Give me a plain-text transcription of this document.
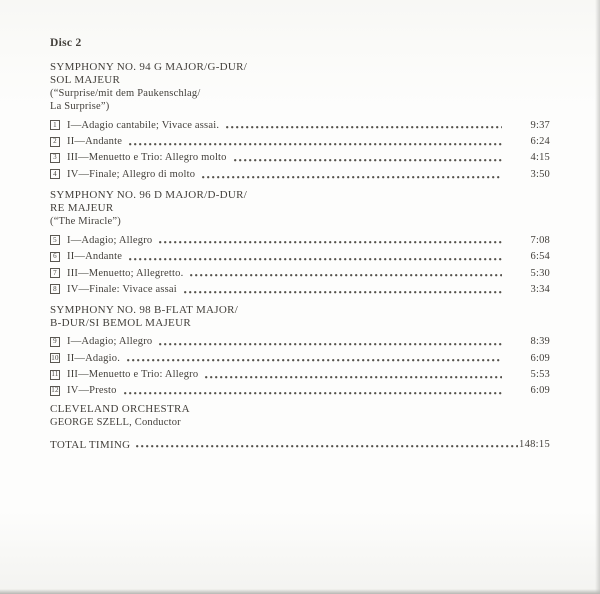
Disc 2
SYMPHONY NO. 94 G MAJOR/G-DUR/
SOL MAJEUR
(“Surprise/mit dem Paukenschlag/
La Surprise”)
1 I—Adagio cantabile; Vivace assai.	9:37
2 II—Andante	6:24
3 III—Menuetto e Trio: Allegro molto	4:15
4 IV—Finale; Allegro di molto	3:50
SYMPHONY NO. 96 D MAJOR/D-DUR/
RE MAJEUR
(“The Miracle”)
5 I—Adagio; Allegro	7:08
6 II—Andante	6:54
7 III—Menuetto; Allegretto.	5:30
8 IV—Finale: Vivace assai	3:34
SYMPHONY NO. 98 B-FLAT MAJOR/
B-DUR/SI BEMOL MAJEUR
9 I—Adagio; Allegro	8:39
10 II—Adagio.	6:09
11 III—Menuetto e Trio: Allegro	5:53
12 IV—Presto	6:09
CLEVELAND ORCHESTRA
GEORGE SZELL, Conductor
TOTAL TIMING	148:15
